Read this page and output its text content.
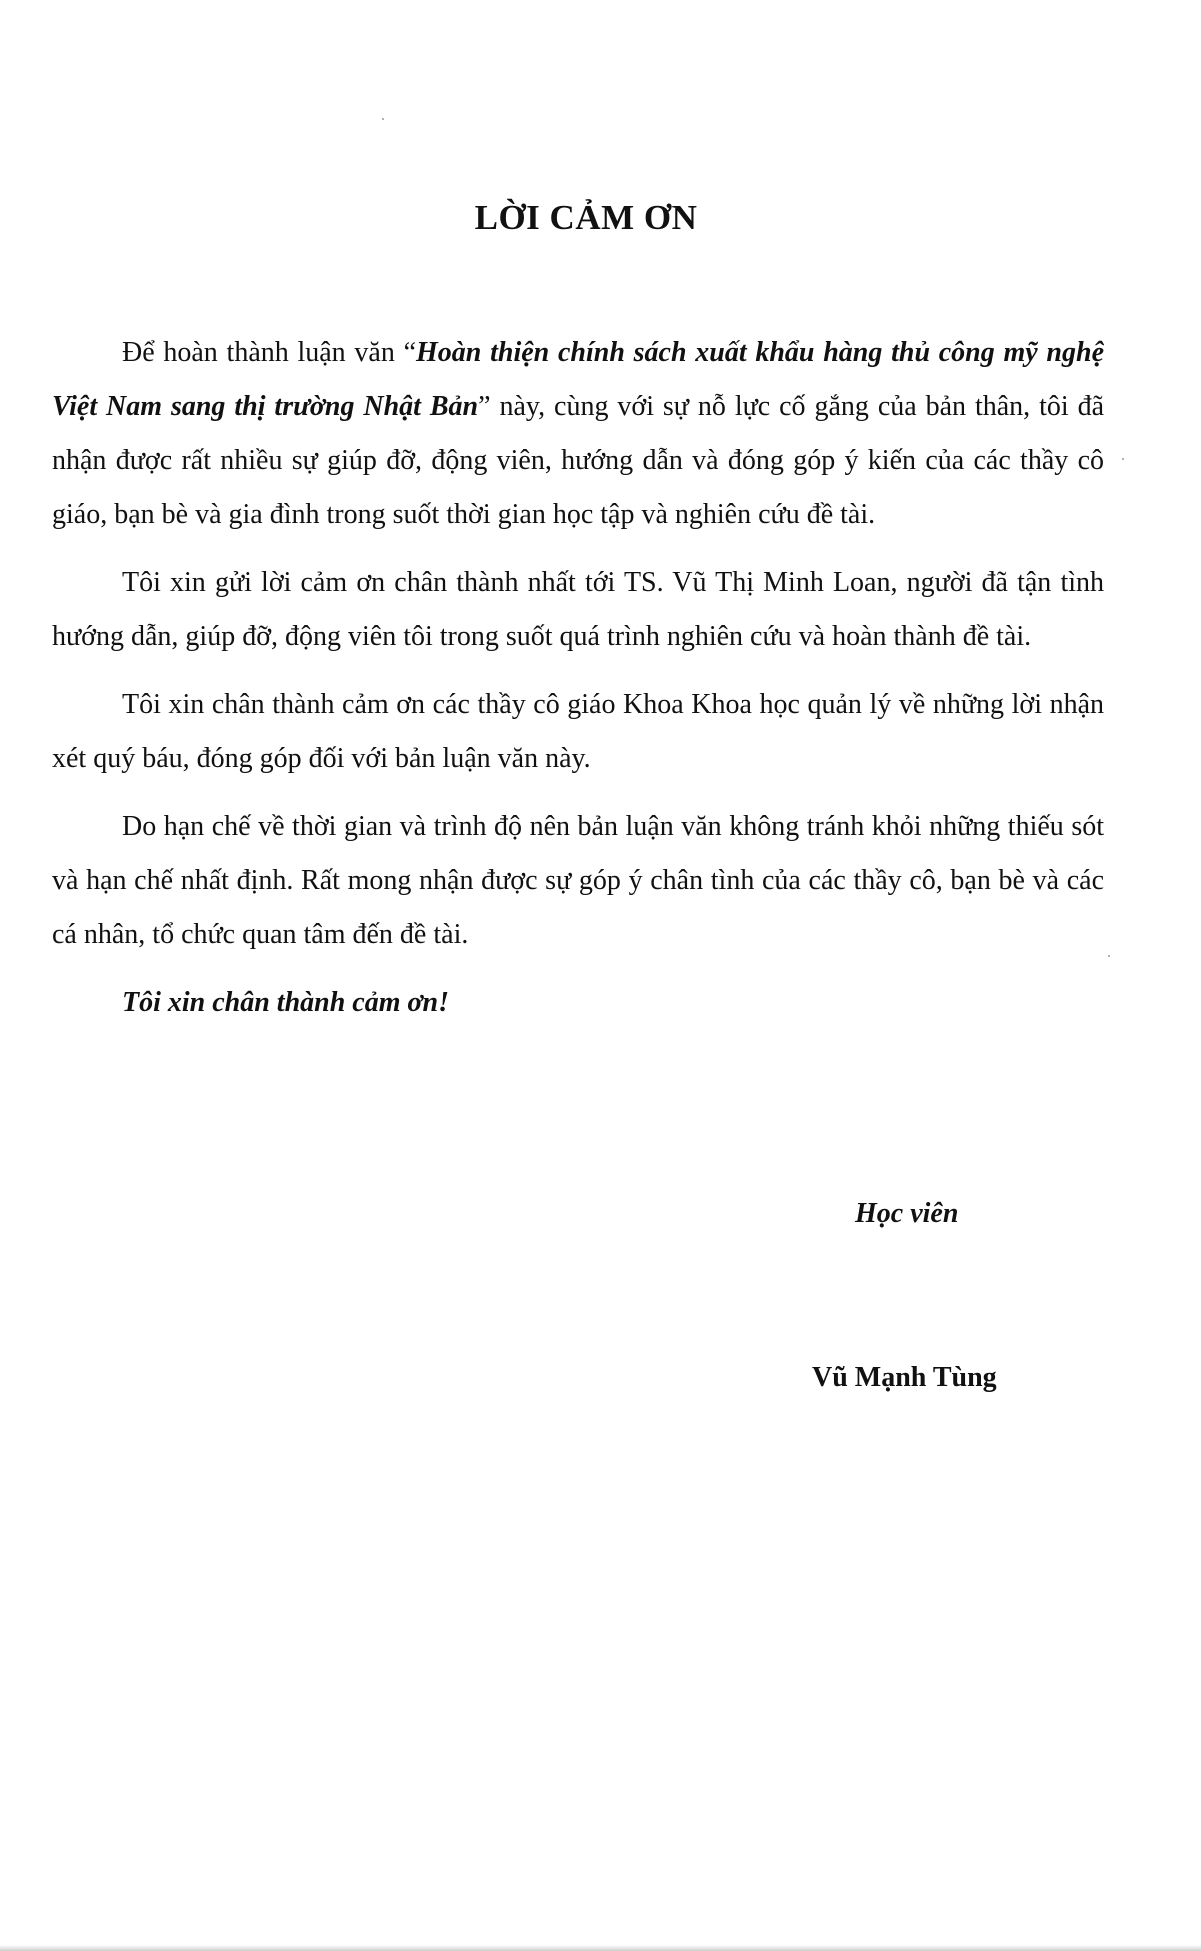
LỜI CẢM ƠN

Để hoàn thành luận văn “Hoàn thiện chính sách xuất khẩu hàng thủ công mỹ nghệ Việt Nam sang thị trường Nhật Bản” này, cùng với sự nỗ lực cố gắng của bản thân, tôi đã nhận được rất nhiều sự giúp đỡ, động viên, hướng dẫn và đóng góp ý kiến của các thầy cô giáo, bạn bè và gia đình trong suốt thời gian học tập và nghiên cứu đề tài.

Tôi xin gửi lời cảm ơn chân thành nhất tới TS. Vũ Thị Minh Loan, người đã tận tình hướng dẫn, giúp đỡ, động viên tôi trong suốt quá trình nghiên cứu và hoàn thành đề tài.

Tôi xin chân thành cảm ơn các thầy cô giáo Khoa Khoa học quản lý về những lời nhận xét quý báu, đóng góp đối với bản luận văn này.

Do hạn chế về thời gian và trình độ nên bản luận văn không tránh khỏi những thiếu sót và hạn chế nhất định. Rất mong nhận được sự góp ý chân tình của các thầy cô, bạn bè và các cá nhân, tổ chức quan tâm đến đề tài.

Tôi xin chân thành cảm ơn!

Học viên

Vũ Mạnh Tùng
